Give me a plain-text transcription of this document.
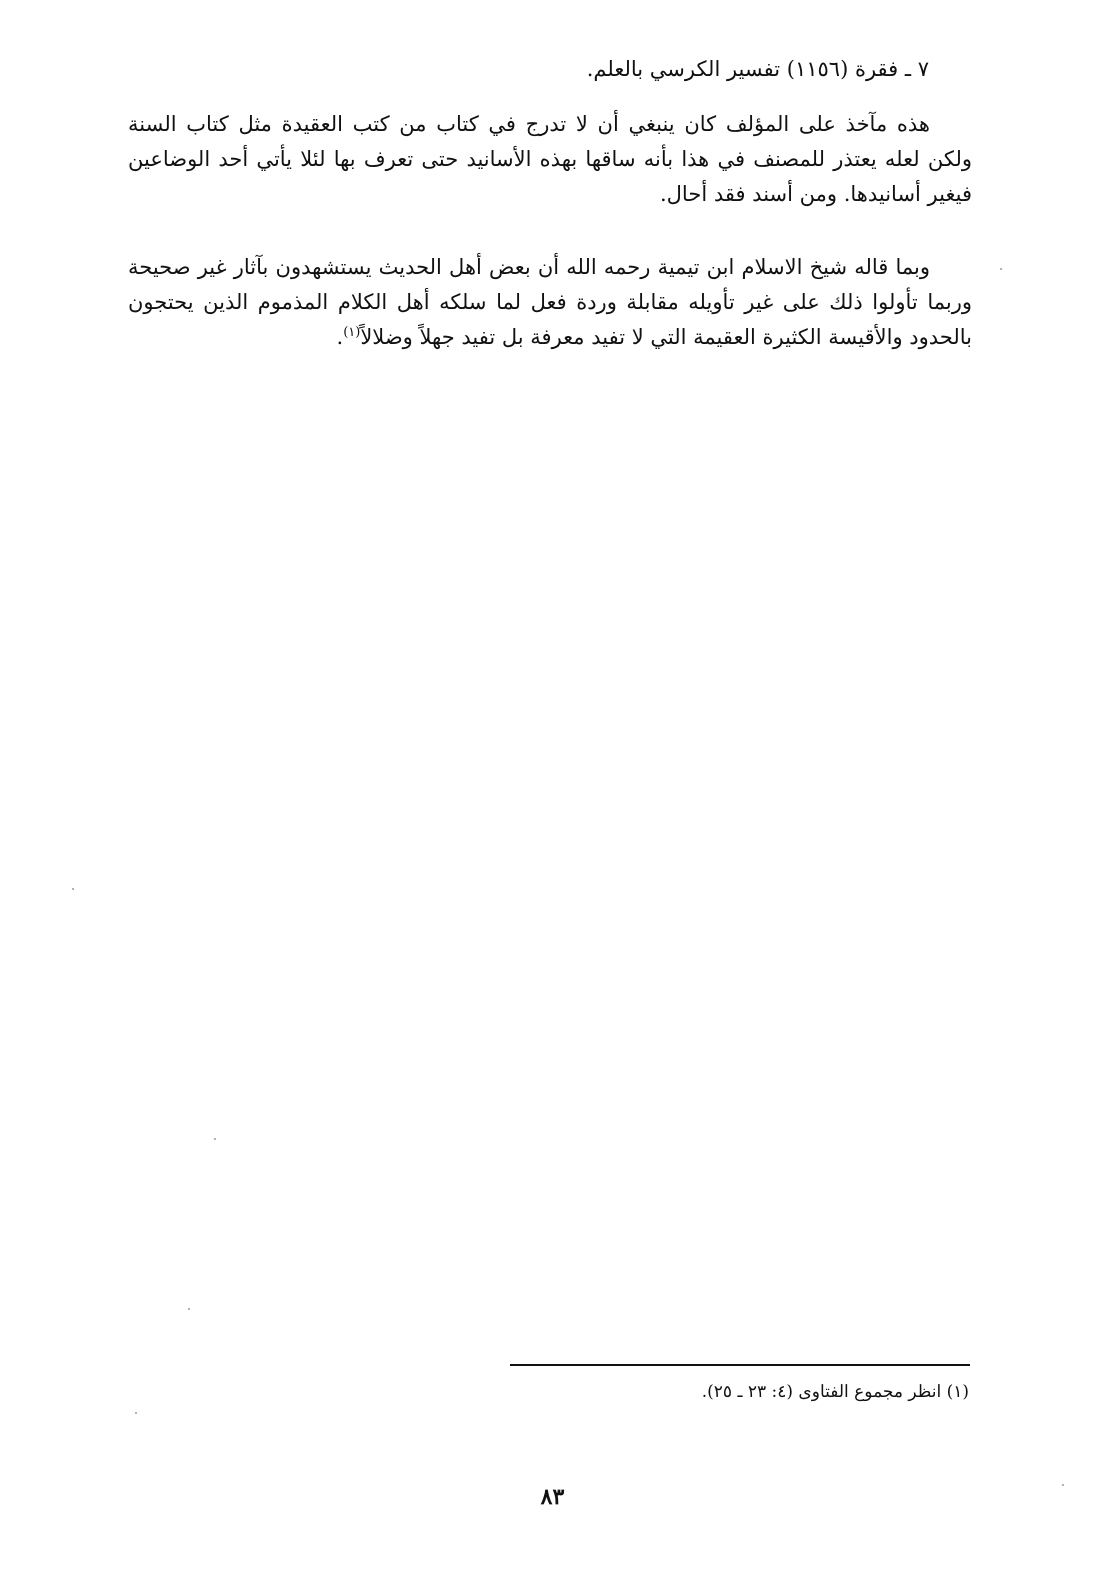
٧ ـ فقرة (١١٥٦) تفسير الكرسي بالعلم.

هذه مآخذ على المؤلف كان ينبغي أن لا تدرج في كتاب من كتب العقيدة مثل كتاب السنة ولكن لعله يعتذر للمصنف في هذا بأنه ساقها بهذه الأسانيد حتى تعرف بها لئلا يأتي أحد الوضاعين فيغير أسانيدها. ومن أسند فقد أحال.

وبما قاله شيخ الاسلام ابن تيمية رحمه الله أن بعض أهل الحديث يستشهدون بآثار غير صحيحة وربما تأولوا ذلك على غير تأويله مقابلة وردة فعل لما سلكه أهل الكلام المذموم الذين يحتجون بالحدود والأقيسة الكثيرة العقيمة التي لا تفيد معرفة بل تفيد جهلاً وضلالاً$^{(١)}$.

(١) انظر مجموع الفتاوى (٤: ٢٣ ـ ٢٥).
٨٣
